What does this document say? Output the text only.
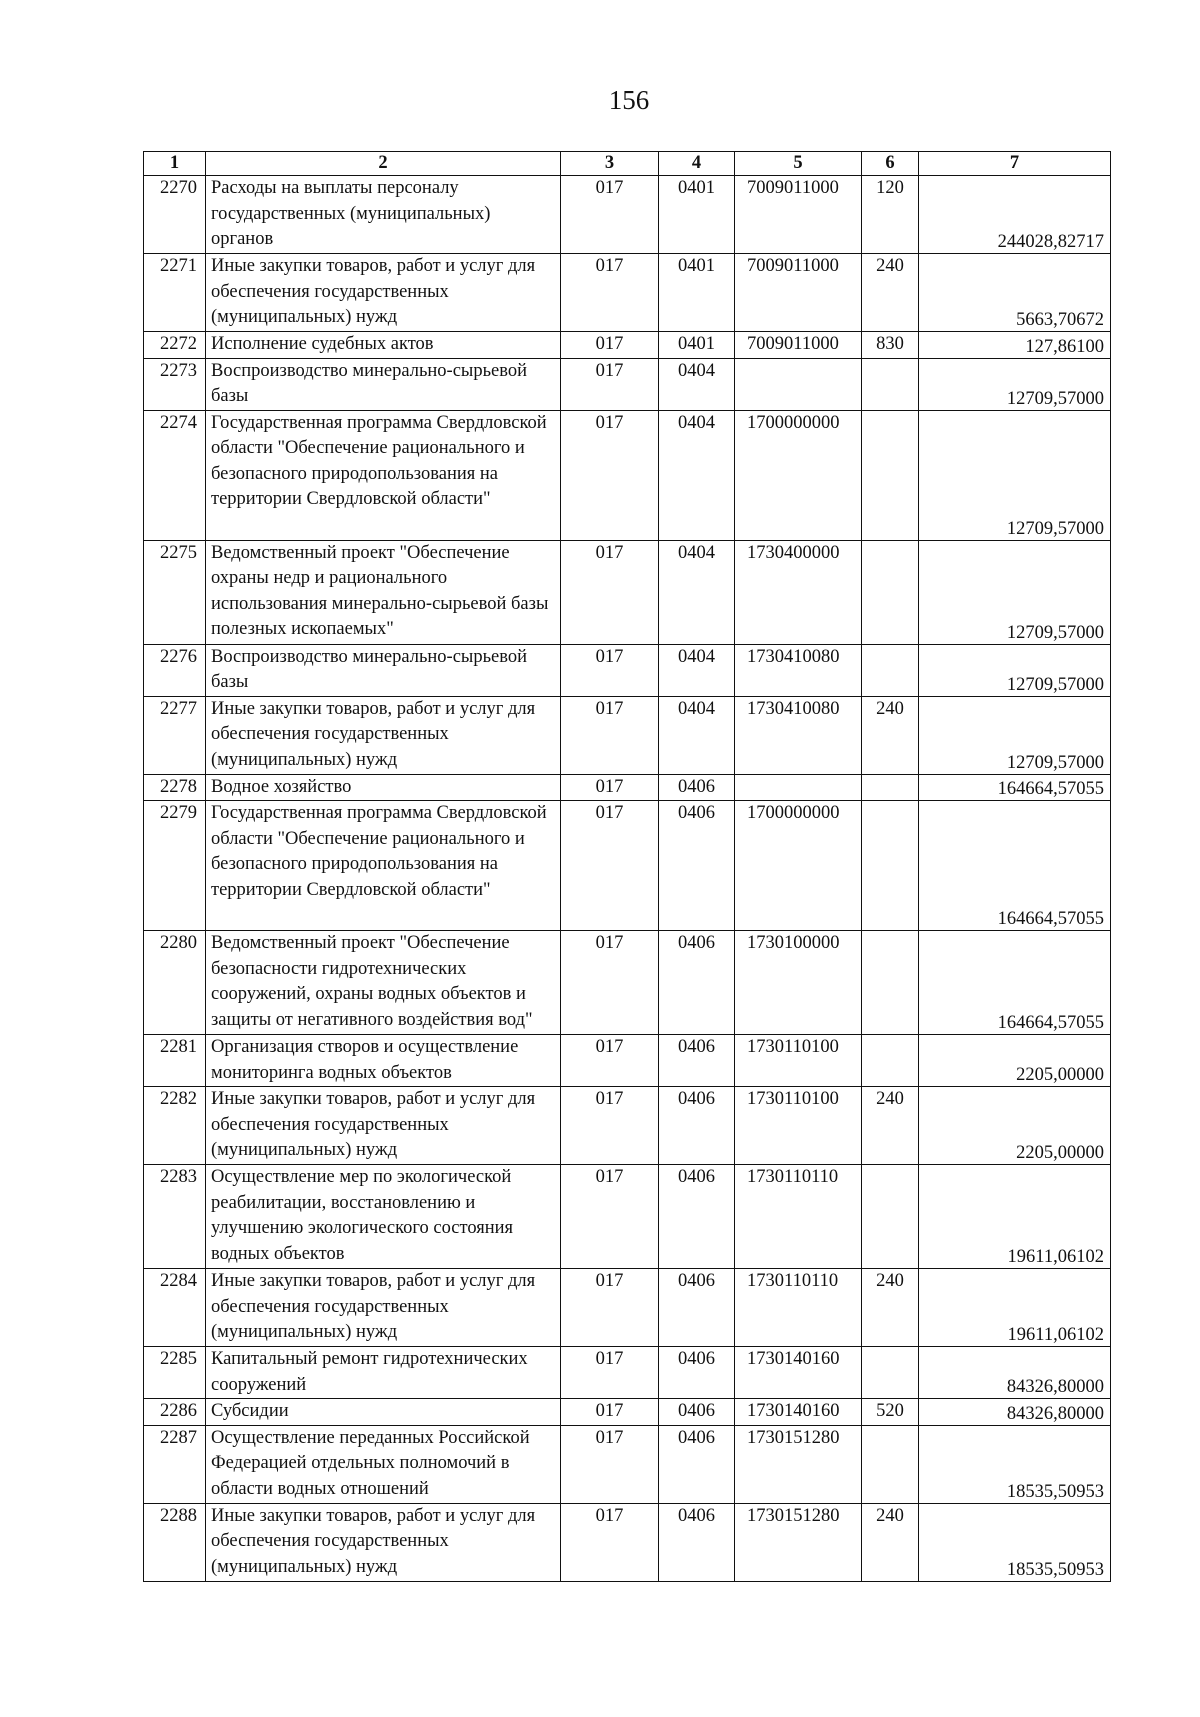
156
1	2	3	4	5	6	7
2270	Расходы на выплаты персоналу государственных (муниципальных) органов	017	0401	7009011000	120	244028,82717

2271	Иные закупки товаров, работ и услуг для обеспечения государственных (муниципальных) нужд	017	0401	7009011000	240	5663,70672

2272	Исполнение судебных актов	017	0401	7009011000	830	127,86100

2273	Воспроизводство минерально-сырьевой базы	017	0404			12709,57000

2274	Государственная программа Свердловской области "Обеспечение рационального и безопасного природопользования на территории Свердловской области"	017	0404	1700000000		12709,57000

2275	Ведомственный проект "Обеспечение охраны недр и рационального использования минерально-сырьевой базы полезных ископаемых"	017	0404	1730400000		12709,57000

2276	Воспроизводство минерально-сырьевой базы	017	0404	1730410080		12709,57000

2277	Иные закупки товаров, работ и услуг для обеспечения государственных (муниципальных) нужд	017	0404	1730410080	240	12709,57000

2278	Водное хозяйство	017	0406			164664,57055

2279	Государственная программа Свердловской области "Обеспечение рационального и безопасного природопользования на территории Свердловской области"	017	0406	1700000000		164664,57055

2280	Ведомственный проект "Обеспечение безопасности гидротехнических сооружений, охраны водных объектов и защиты от негативного воздействия вод"	017	0406	1730100000		164664,57055

2281	Организация створов и осуществление мониторинга водных объектов	017	0406	1730110100		2205,00000

2282	Иные закупки товаров, работ и услуг для обеспечения государственных (муниципальных) нужд	017	0406	1730110100	240	2205,00000

2283	Осуществление мер по экологической реабилитации, восстановлению и улучшению экологического состояния водных объектов	017	0406	1730110110		19611,06102

2284	Иные закупки товаров, работ и услуг для обеспечения государственных (муниципальных) нужд	017	0406	1730110110	240	19611,06102

2285	Капитальный ремонт гидротехнических сооружений	017	0406	1730140160		84326,80000

2286	Субсидии	017	0406	1730140160	520	84326,80000

2287	Осуществление переданных Российской Федерацией отдельных полномочий в области водных отношений	017	0406	1730151280		18535,50953

2288	Иные закупки товаров, работ и услуг для обеспечения государственных (муниципальных) нужд	017	0406	1730151280	240	18535,50953
